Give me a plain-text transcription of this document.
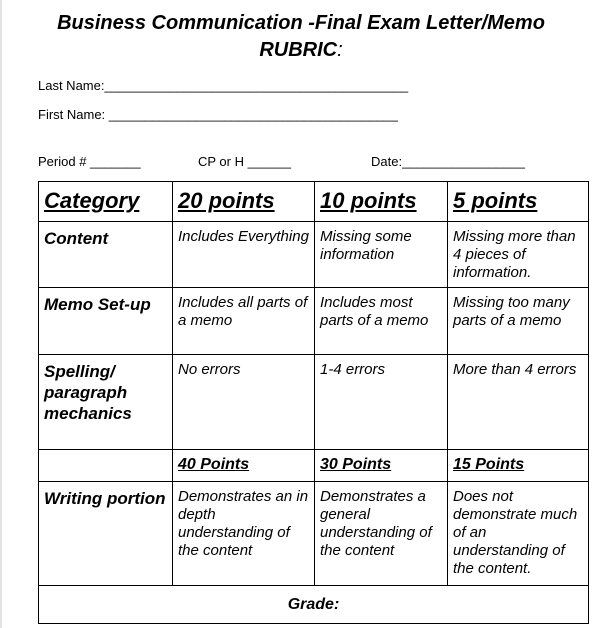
Business Communication -Final Exam Letter/Memo
RUBRIC:
Last Name:__________________________________________
First Name: ________________________________________
Period # _______	CP or H ______	Date:_________________
Category	20 points	10 points	5 points
Content	Includes Everything	Missing some information	Missing more than 4 pieces of information.
Memo Set-up	Includes all parts of a memo	Includes most parts of a memo	Missing too many parts of a memo
Spelling/ paragraph mechanics	No errors	1-4 errors	More than 4 errors
	40 Points	30 Points	15 Points
Writing portion	Demonstrates an in depth understanding of the content	Demonstrates a general understanding of the content	Does not demonstrate much of an understanding of the content.
Grade:			
